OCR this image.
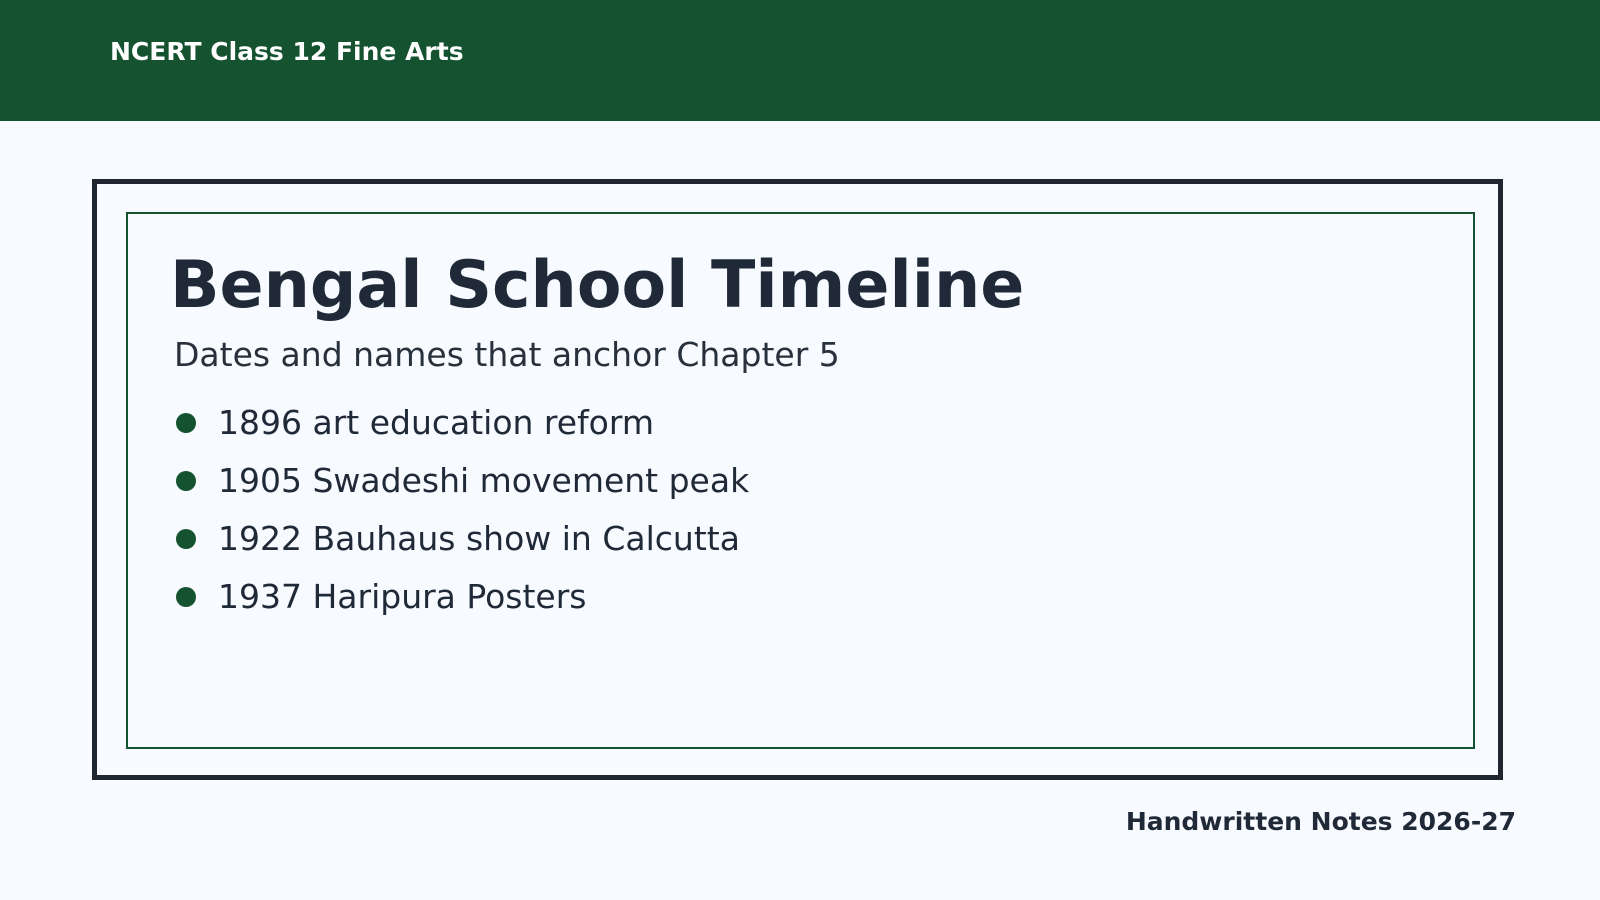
NCERT Class 12 Fine Arts
Bengal School Timeline

Dates and names that anchor Chapter 5

1896 art education reform
1905 Swadeshi movement peak
1922 Bauhaus show in Calcutta
1937 Haripura Posters
Handwritten Notes 2026-27
